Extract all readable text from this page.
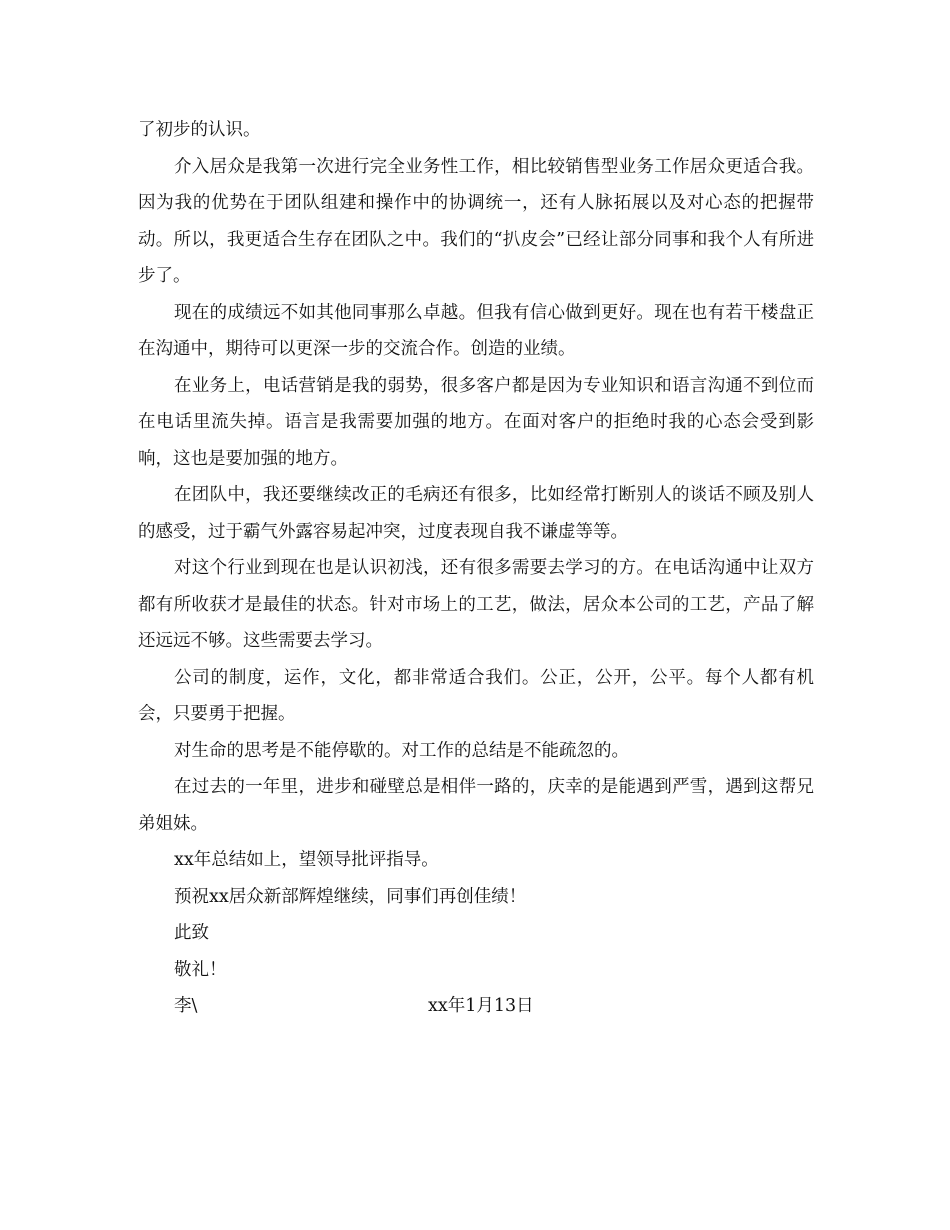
了初步的认识。

介入居众是我第一次进行完全业务性工作，相比较销售型业务工作居众更适合我。因为我的优势在于团队组建和操作中的协调统一，还有人脉拓展以及对心态的把握带动。所以，我更适合生存在团队之中。我们的“扒皮会”已经让部分同事和我个人有所进步了。

现在的成绩远不如其他同事那么卓越。但我有信心做到更好。现在也有若干楼盘正在沟通中，期待可以更深一步的交流合作。创造的业绩。

在业务上，电话营销是我的弱势，很多客户都是因为专业知识和语言沟通不到位而在电话里流失掉。语言是我需要加强的地方。在面对客户的拒绝时我的心态会受到影响，这也是要加强的地方。

在团队中，我还要继续改正的毛病还有很多，比如经常打断别人的谈话不顾及别人的感受，过于霸气外露容易起冲突，过度表现自我不谦虚等等。

对这个行业到现在也是认识初浅，还有很多需要去学习的方。在电话沟通中让双方都有所收获才是最佳的状态。针对市场上的工艺，做法，居众本公司的工艺，产品了解还远远不够。这些需要去学习。

公司的制度，运作，文化，都非常适合我们。公正，公开，公平。每个人都有机会，只要勇于把握。

对生命的思考是不能停歇的。对工作的总结是不能疏忽的。

在过去的一年里，进步和碰壁总是相伴一路的，庆幸的是能遇到严雪，遇到这帮兄弟姐妹。

xx年总结如上，望领导批评指导。

预祝xx居众新部辉煌继续，同事们再创佳绩！

此致

敬礼！

李\	xx年1月13日
